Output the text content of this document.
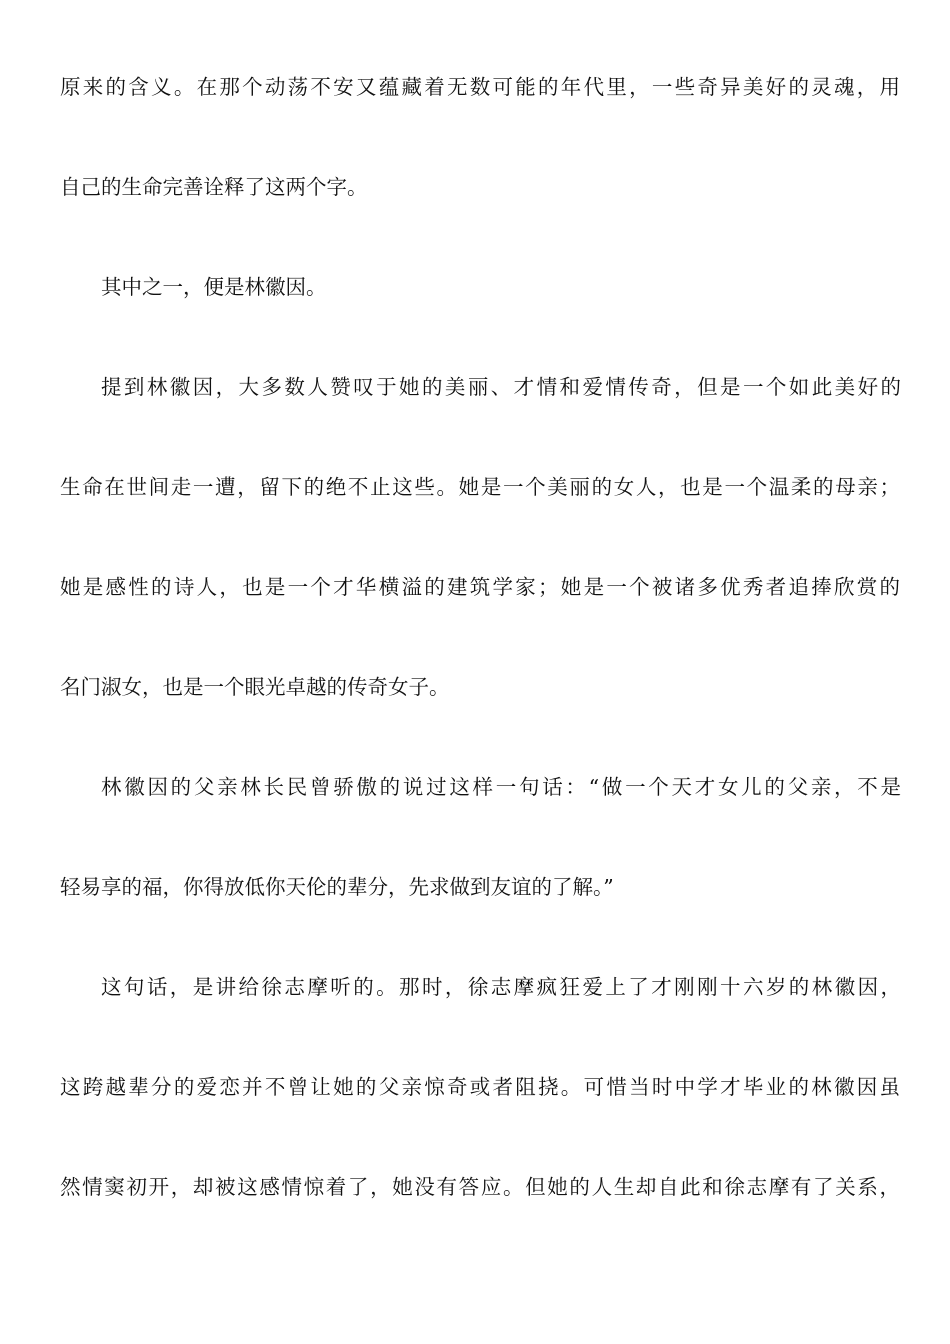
原来的含义。在那个动荡不安又蕴藏着无数可能的年代里，一些奇异美好的灵魂，用
自己的生命完善诠释了这两个字。
其中之一，便是林徽因。
提到林徽因，大多数人赞叹于她的美丽、才情和爱情传奇，但是一个如此美好的
生命在世间走一遭，留下的绝不止这些。她是一个美丽的女人，也是一个温柔的母亲；
她是感性的诗人，也是一个才华横溢的建筑学家；她是一个被诸多优秀者追捧欣赏的
名门淑女，也是一个眼光卓越的传奇女子。
林徽因的父亲林长民曾骄傲的说过这样一句话：“做一个天才女儿的父亲，不是
轻易享的福，你得放低你天伦的辈分，先求做到友谊的了解。”
这句话，是讲给徐志摩听的。那时，徐志摩疯狂爱上了才刚刚十六岁的林徽因，
这跨越辈分的爱恋并不曾让她的父亲惊奇或者阻挠。可惜当时中学才毕业的林徽因虽
然情窦初开，却被这感情惊着了，她没有答应。但她的人生却自此和徐志摩有了关系，
